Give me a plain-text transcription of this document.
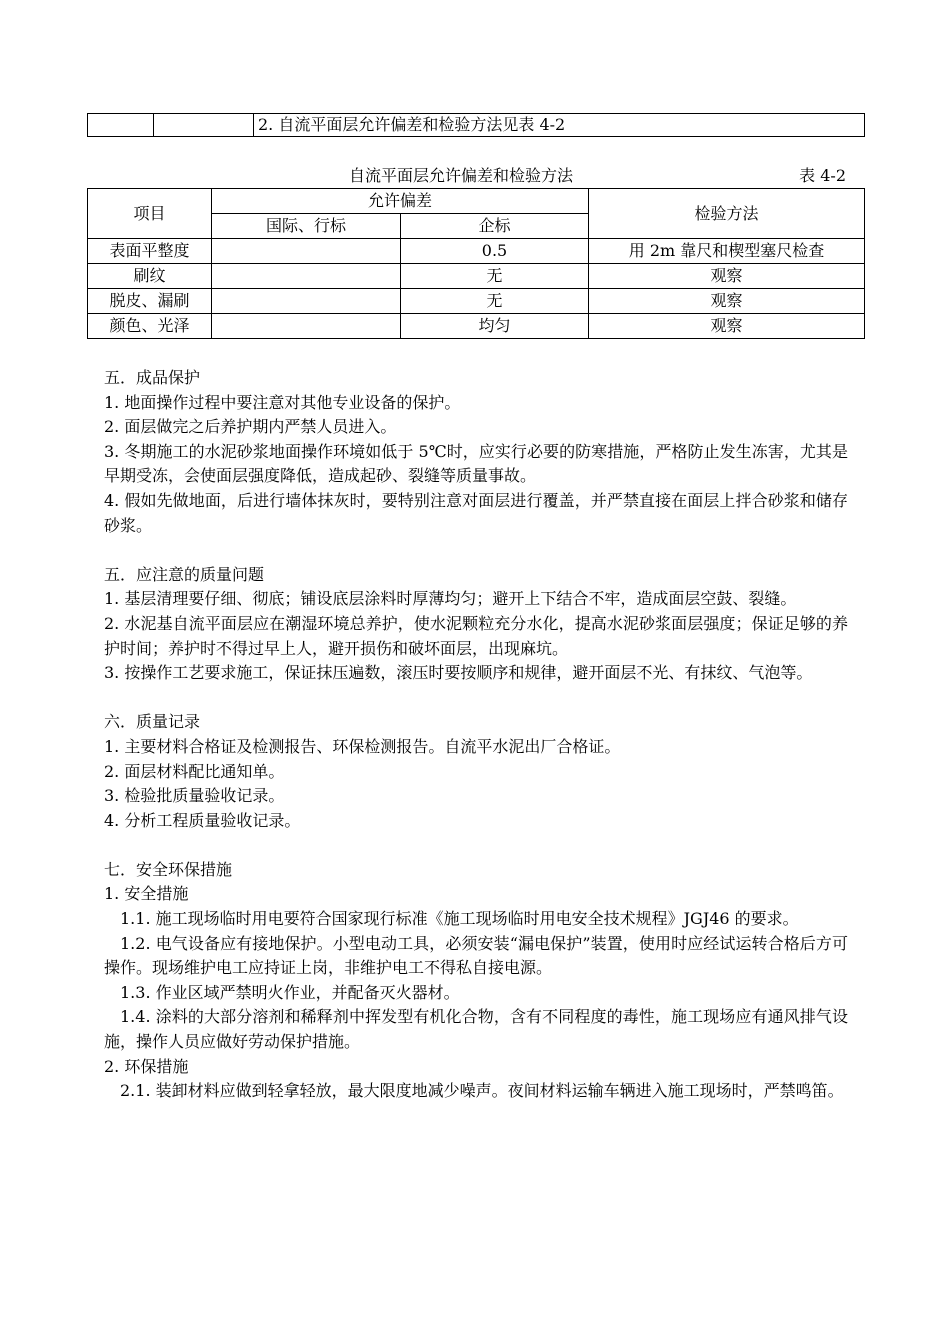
		2. 自流平面层允许偏差和检验方法见表 4-2
自流平面层允许偏差和检验方法	表 4-2
项目	允许偏差		检验方法
	国际、行标	企标	
表面平整度		0.5	用 2m 靠尺和楔型塞尺检查
刷纹		无	观察
脱皮、漏刷		无	观察
颜色、光泽		均匀	观察

五．成品保护

1. 地面操作过程中要注意对其他专业设备的保护。

2. 面层做完之后养护期内严禁人员进入。

3. 冬期施工的水泥砂浆地面操作环境如低于 5℃时，应实行必要的防寒措施，严格防止发生冻害，尤其是早期受冻，会使面层强度降低，造成起砂、裂缝等质量事故。

4. 假如先做地面，后进行墙体抹灰时，要特别注意对面层进行覆盖，并严禁直接在面层上拌合砂浆和储存砂浆。

五．应注意的质量问题

1. 基层清理要仔细、彻底；铺设底层涂料时厚薄均匀；避开上下结合不牢，造成面层空鼓、裂缝。

2. 水泥基自流平面层应在潮湿环境总养护，使水泥颗粒充分水化，提高水泥砂浆面层强度；保证足够的养护时间；养护时不得过早上人，避开损伤和破坏面层，出现麻坑。

3. 按操作工艺要求施工，保证抹压遍数，滚压时要按顺序和规律，避开面层不光、有抹纹、气泡等。

六．质量记录

1. 主要材料合格证及检测报告、环保检测报告。自流平水泥出厂合格证。

2. 面层材料配比通知单。

3. 检验批质量验收记录。

4. 分析工程质量验收记录。

七．安全环保措施

1. 安全措施

1.1. 施工现场临时用电要符合国家现行标准《施工现场临时用电安全技术规程》JGJ46 的要求。

1.2. 电气设备应有接地保护。小型电动工具，必须安装“漏电保护”装置，使用时应经试运转合格后方可操作。现场维护电工应持证上岗，非维护电工不得私自接电源。

1.3. 作业区域严禁明火作业，并配备灭火器材。

1.4. 涂料的大部分溶剂和稀释剂中挥发型有机化合物，含有不同程度的毒性，施工现场应有通风排气设施，操作人员应做好劳动保护措施。

2. 环保措施

2.1. 装卸材料应做到轻拿轻放，最大限度地减少噪声。夜间材料运输车辆进入施工现场时，严禁鸣笛。
